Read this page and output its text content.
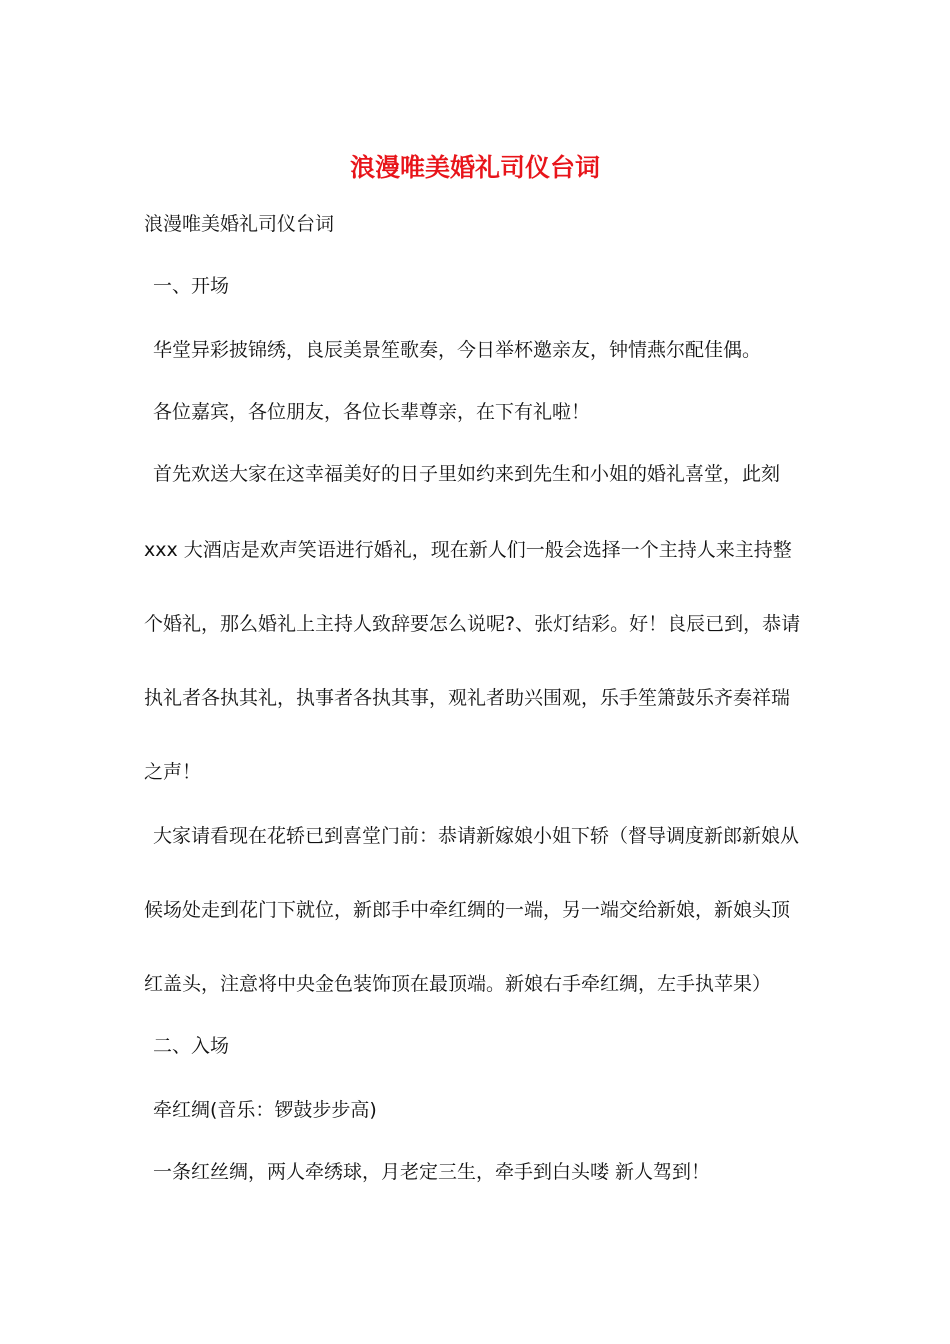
浪漫唯美婚礼司仪台词
浪漫唯美婚礼司仪台词
一、开场
华堂异彩披锦绣，良辰美景笙歌奏，今日举杯邀亲友，钟情燕尔配佳偶。
各位嘉宾，各位朋友，各位长辈尊亲，在下有礼啦！
首先欢送大家在这幸福美好的日子里如约来到先生和小姐的婚礼喜堂，此刻
xxx 大酒店是欢声笑语进行婚礼，现在新人们一般会选择一个主持人来主持整
个婚礼，那么婚礼上主持人致辞要怎么说呢?、张灯结彩。好！良辰已到，恭请
执礼者各执其礼，执事者各执其事，观礼者助兴围观，乐手笙箫鼓乐齐奏祥瑞
之声！
大家请看现在花轿已到喜堂门前：恭请新嫁娘小姐下轿（督导调度新郎新娘从
候场处走到花门下就位，新郎手中牵红绸的一端，另一端交给新娘，新娘头顶
红盖头，注意将中央金色装饰顶在最顶端。新娘右手牵红绸，左手执苹果）
二、入场
牵红绸(音乐：锣鼓步步高)
一条红丝绸，两人牵绣球，月老定三生，牵手到白头喽 新人驾到！
